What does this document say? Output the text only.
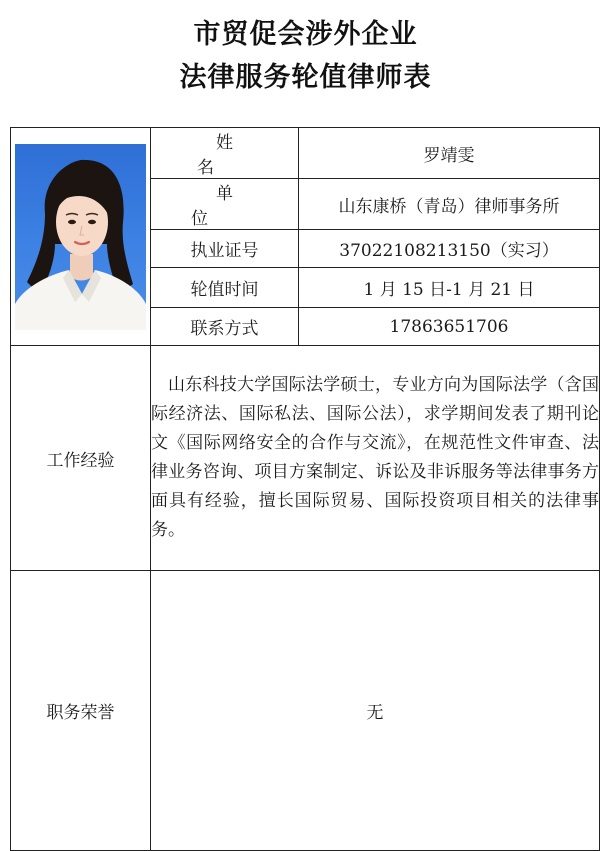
市贸促会涉外企业
法律服务轮值律师表
	姓名	罗靖雯
	单位	山东康桥（青岛）律师事务所
	执业证号	37022108213150（实习）
	轮值时间	1 月 15 日-1 月 21 日
	联系方式	17863651706
工作经验	山东科技大学国际法学硕士，专业方向为国际法学（含国际经济法、国际私法、国际公法），求学期间发表了期刊论文《国际网络安全的合作与交流》，在规范性文件审查、法律业务咨询、项目方案制定、诉讼及非诉服务等法律事务方面具有经验，擅长国际贸易、国际投资项目相关的法律事务。	
职务荣誉	无	
